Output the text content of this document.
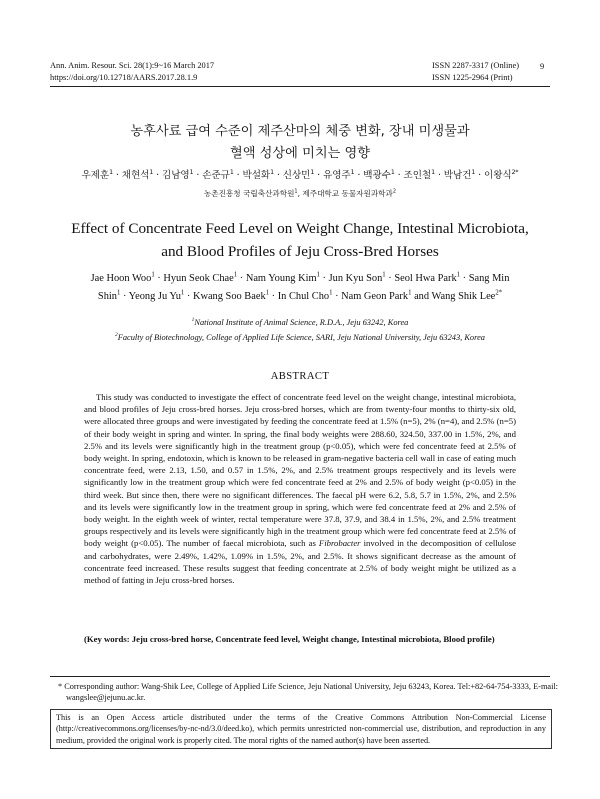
Ann. Anim. Resour. Sci. 28(1):9~16 March 2017
https://doi.org/10.12718/AARS.2017.28.1.9
ISSN 2287-3317 (Online)
ISSN 1225-2964 (Print)
9
농후사료 급여 수준이 제주산마의 체중 변화, 장내 미생물과
혈액 성상에 미치는 영향
우제훈$^1$ · 채현석$^1$ · 김남영$^1$ · 손준규$^1$ · 박설화$^1$ · 신상민$^1$ · 유영주$^1$ · 백광수$^1$ · 조인철$^1$ · 박남건$^1$ · 이왕식$^{2*}$
농촌진흥청 국립축산과학원$^1$, 제주대학교 동물자원과학과$^2$
Effect of Concentrate Feed Level on Weight Change, Intestinal Microbiota,
and Blood Profiles of Jeju Cross-Bred Horses
Jae Hoon Woo$^1$ · Hyun Seok Chae$^1$ · Nam Young Kim$^1$ · Jun Kyu Son$^1$ · Seol Hwa Park$^1$ · Sang Min
Shin$^1$ · Yeong Ju $Yu^1$ · Kwang Soo Baek$^1$ · In Chul Cho$^1$ · Nam Geon Park$^1$ and Wang Shik Lee$^{2*}$
$^1$National Institute of Animal Science, R.D.A., Jeju 63242, Korea
$^2$Faculty of Biotechnology, College of Applied Life Science, SARI, Jeju National University, Jeju 63243, Korea
ABSTRACT
This study was conducted to investigate the effect of concentrate feed level on the weight change, intestinal microbiota, and blood profiles of Jeju cross-bred horses. Jeju cross-bred horses, which are from twenty-four months to thirty-six old, were allocated three groups and were investigated by feeding the concentrate feed at 1.5% (n=5), 2% (n=4), and 2.5% (n=5) of their body weight in spring and winter. In spring, the final body weights were 288.60, 324.50, 337.00 in 1.5%, 2%, and 2.5% and its levels were significantly high in the treatment group (p<0.05), which were fed concentrate feed at 2.5% of body weight. In spring, endotoxin, which is known to be released in gram-negative bacteria cell wall in case of eating much concentrate feed, were 2.13, 1.50, and 0.57 in 1.5%, 2%, and 2.5% treatment groups respectively and its levels were significantly low in the treatment group which were fed concentrate feed at 2% and 2.5% of body weight (p<0.05) in the third week. But since then, there were no significant differences. The faecal pH were 6.2, 5.8, 5.7 in 1.5%, 2%, and 2.5% and its levels were significantly low in the treatment group in spring, which were fed concentrate feed at 2% and 2.5% of body weight. In the eighth week of winter, rectal temperature were 37.8, 37.9, and 38.4 in 1.5%, 2%, and 2.5% treatment groups respectively and its levels were significantly high in the treatment group which were fed concentrate feed at 2.5% of body weight (p<0.05). The number of faecal microbiota, such as Fibrobacter involved in the decomposition of cellulose and carbohydrates, were 2.49%, 1.42%, 1.09% in 1.5%, 2%, and 2.5%. It shows significant decrease as the amount of concentrate feed increased. These results suggest that feeding concentrate at 2.5% of body weight might be utilized as a method of fatting in Jeju cross-bred horses.
(Key words: Jeju cross-bred horse, Concentrate feed level, Weight change, Intestinal microbiota, Blood profile)
* Corresponding author: Wang-Shik Lee, College of Applied Life Science, Jeju National University, Jeju 63243, Korea. Tel:+82-64-754-3333, E-mail: wangslee@jejunu.ac.kr.
This is an Open Access article distributed under the terms of the Creative Commons Attribution Non-Commercial License (http://creativecommons.org/licenses/by-nc-nd/3.0/deed.ko), which permits unrestricted non-commercial use, distribution, and reproduction in any medium, provided the original work is properly cited. The moral rights of the named author(s) have been asserted.
